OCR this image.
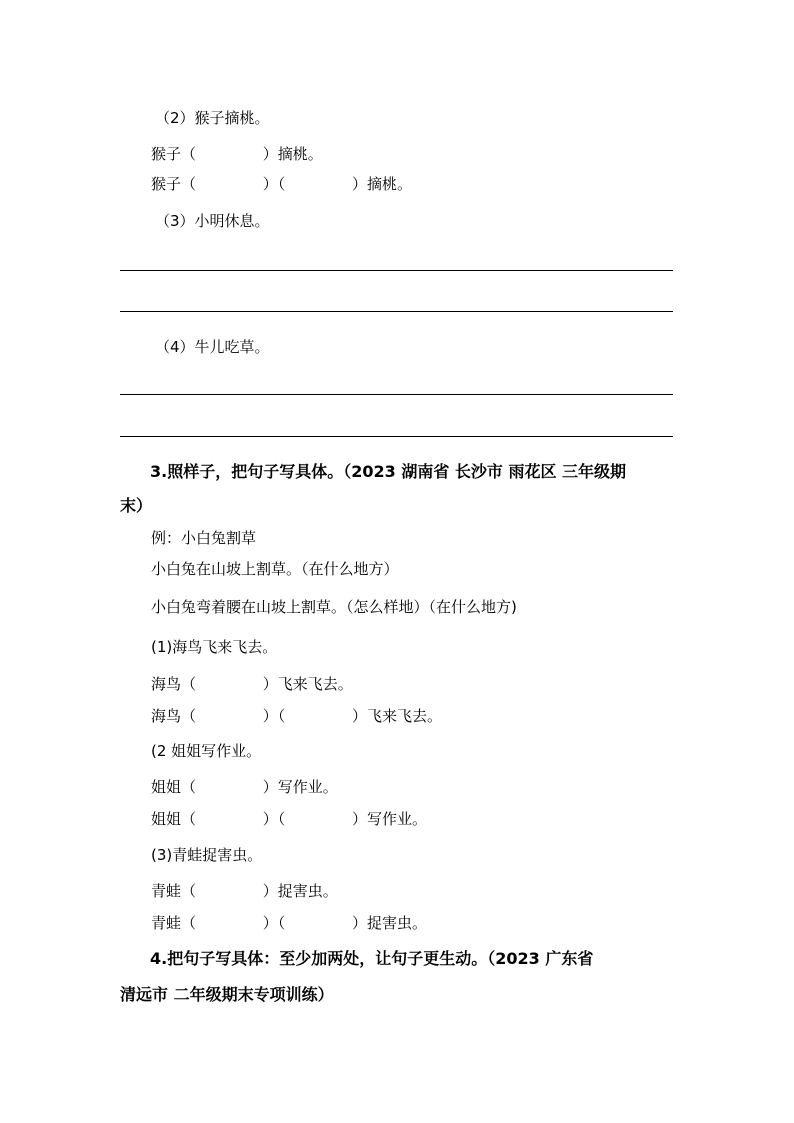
（2）猴子摘桃。
猴子（              ）摘桃。
猴子（              ）（              ）摘桃。
（3）小明休息。
（4）牛儿吃草。
3.照样子，把句子写具体。（2023 湖南省 长沙市 雨花区 三年级期
末）
例：小白兔割草
小白兔在山坡上割草。（在什么地方）
小白兔弯着腰在山坡上割草。（怎么样地）（在什么地方)
(1)海鸟飞来飞去。
海鸟（              ）飞来飞去。
海鸟（              ）（              ）飞来飞去。
(2 姐姐写作业。
姐姐（              ）写作业。
姐姐（              ）（              ）写作业。
(3)青蛙捉害虫。
青蛙（              ）捉害虫。
青蛙（              ）（              ）捉害虫。
4.把句子写具体：至少加两处，让句子更生动。（2023 广东省
清远市 二年级期末专项训练）
